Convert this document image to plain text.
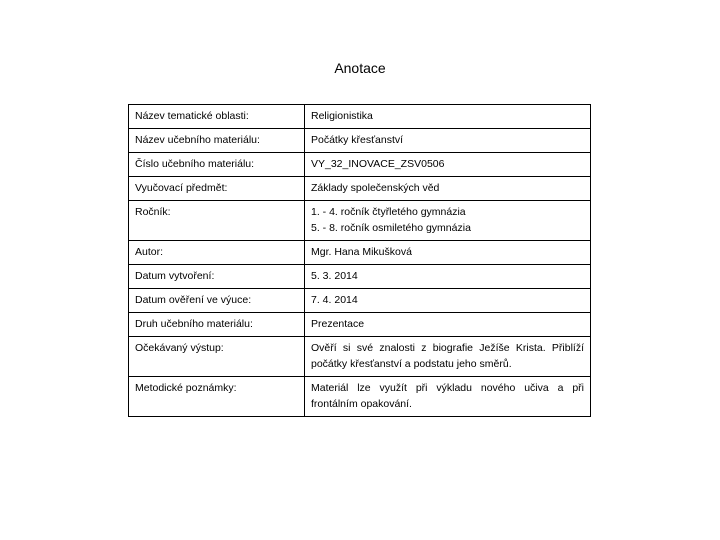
Anotace
Název tematické oblasti:	Religionistika

Název učebního materiálu:	Počátky křesťanství

Číslo učebního materiálu:	VY_32_INOVACE_ZSV0506

Vyučovací předmět:	Základy společenských věd

Ročník:	1. - 4. ročník čtyřletého gymnázia
5. - 8. ročník osmiletého gymnázia

Autor:	Mgr. Hana Mikušková

Datum vytvoření:	5. 3. 2014

Datum ověření ve výuce:	7. 4. 2014

Druh učebního materiálu:	Prezentace

Očekávaný výstup:	Ověří si své znalosti z biografie Ježíše Krista. Přiblíží počátky křesťanství a podstatu jeho směrů.
Metodické poznámky:	Materiál lze využít při výkladu nového učiva a při frontálním opakování.
